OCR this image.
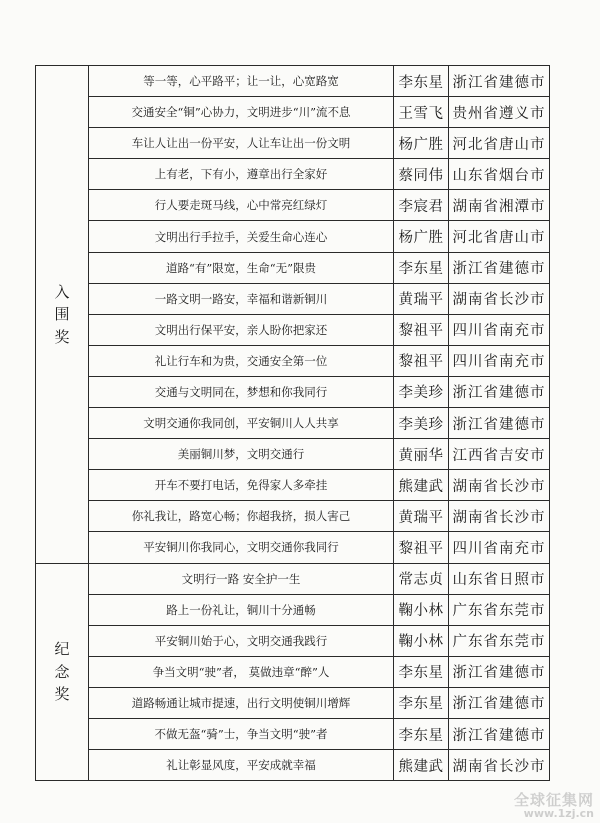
入围奖	等一等，心平路平；让一让，心宽路宽	李东星	浙江省建德市
	交通安全“铜”心协力，文明进步“川”流不息	王雪飞	贵州省遵义市
	车让人让出一份平安，人让车让出一份文明	杨广胜	河北省唐山市
	上有老，下有小，遵章出行全家好	蔡同伟	山东省烟台市
	行人要走斑马线，心中常亮红绿灯	李宸君	湖南省湘潭市
	文明出行手拉手，关爱生命心连心	杨广胜	河北省唐山市
	道路“有”限宽，生命“无”限贵	李东星	浙江省建德市
	一路文明一路安，幸福和谐新铜川	黄瑞平	湖南省长沙市
	文明出行保平安，亲人盼你把家还	黎祖平	四川省南充市
	礼让行车和为贵，交通安全第一位	黎祖平	四川省南充市
	交通与文明同在，梦想和你我同行	李美珍	浙江省建德市
	文明交通你我同创，平安铜川人人共享	李美珍	浙江省建德市
	美丽铜川梦，文明交通行	黄丽华	江西省吉安市
	开车不要打电话，免得家人多牵挂	熊建武	湖南省长沙市
	你礼我让，路宽心畅；你超我挤，损人害己	黄瑞平	湖南省长沙市
	平安铜川你我同心，文明交通你我同行	黎祖平	四川省南充市
纪念奖	文明行一路 安全护一生	常志贞	山东省日照市
	路上一份礼让，铜川十分通畅	鞠小林	广东省东莞市
	平安铜川始于心，文明交通我践行	鞠小林	广东省东莞市
	争当文明“驶”者， 莫做违章“醉”人	李东星	浙江省建德市
	道路畅通让城市提速，出行文明使铜川增辉	李东星	浙江省建德市
	不做无盔“骑”士，争当文明“驶”者	李东星	浙江省建德市
	礼让彰显风度，平安成就幸福	熊建武	湖南省长沙市
全球征集网
www.1zj.cn
